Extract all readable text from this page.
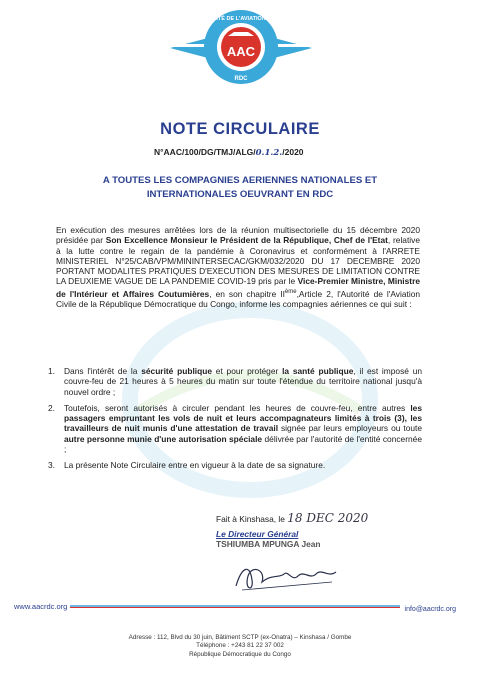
AAC
AUTORITÉ DE L'AVIATION CIVILE
RDC
NOTE CIRCULAIRE
N°AAC/100/DG/TMJ/ALG/0.1.2./2020
A TOUTES LES COMPAGNIES AERIENNES NATIONALES ET
INTERNATIONALES OEUVRANT EN RDC

En exécution des mesures arrêtées lors de la réunion multisectorielle du 15 décembre 2020 présidée par Son Excellence Monsieur le Président de la République, Chef de l'Etat, relative à la lutte contre le regain de la pandémie à Coronavirus et conformément à l'ARRETE MINISTERIEL N°25/CAB/VPM/MININTERSECAC/GKM/032/2020 DU 17 DECEMBRE 2020 PORTANT MODALITES PRATIQUES D'EXECUTION DES MESURES DE LIMITATION CONTRE LA DEUXIEME VAGUE DE LA PANDEMIE COVID-19 pris par le Vice-Premier Ministre, Ministre de l'Intérieur et Affaires Coutumières, en son chapitre IIème,Article 2, l'Autorité de l'Aviation Civile de la République Démocratique du Congo, informe les compagnies aériennes ce qui suit :

1. Dans l'intérêt de la sécurité publique et pour protéger la santé publique, il est imposé un couvre-feu de 21 heures à 5 heures du matin sur toute l'étendue du territoire national jusqu'à nouvel ordre ;
2. Toutefois, seront autorisés à circuler pendant les heures de couvre-feu, entre autres les passagers empruntant les vols de nuit et leurs accompagnateurs limités à trois (3), les travailleurs de nuit munis d'une attestation de travail signée par leurs employeurs ou toute autre personne munie d'une autorisation spéciale délivrée par l'autorité de l'entité concernée ;
3. La présente Note Circulaire entre en vigueur à la date de sa signature.
Fait à Kinshasa, le 18 DEC 2020
Le Directeur Général
TSHIUMBA MPUNGA Jean
www.aacrdc.org	info@aacrdc.org
Adresse : 112, Blvd du 30 juin, Bâtiment SCTP (ex-Onatra) – Kinshasa / Gombe
Téléphone : +243 81 22 37 002
République Démocratique du Congo
